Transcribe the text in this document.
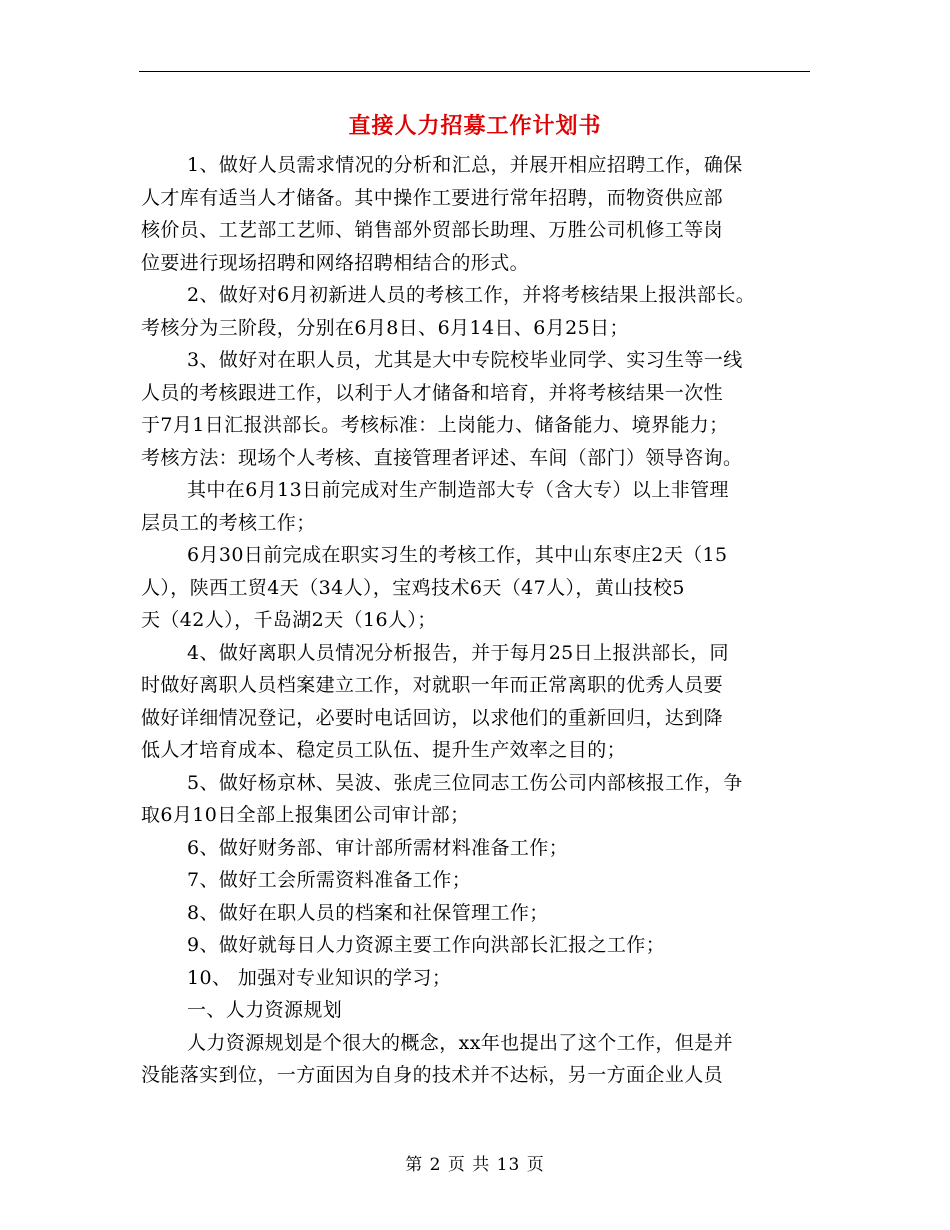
直接人力招募工作计划书
1、做好人员需求情况的分析和汇总，并展开相应招聘工作，确保
人才库有适当人才储备。其中操作工要进行常年招聘，而物资供应部
核价员、工艺部工艺师、销售部外贸部长助理、万胜公司机修工等岗
位要进行现场招聘和网络招聘相结合的形式。
2、做好对6月初新进人员的考核工作，并将考核结果上报洪部长。
考核分为三阶段，分别在6月8日、6月14日、6月25日；
3、做好对在职人员，尤其是大中专院校毕业同学、实习生等一线
人员的考核跟进工作，以利于人才储备和培育，并将考核结果一次性
于7月1日汇报洪部长。考核标准：上岗能力、储备能力、境界能力；
考核方法：现场个人考核、直接管理者评述、车间（部门）领导咨询。
其中在6月13日前完成对生产制造部大专（含大专）以上非管理
层员工的考核工作；
6月30日前完成在职实习生的考核工作，其中山东枣庄2天（15
人），陕西工贸4天（34人），宝鸡技术6天（47人），黄山技校5
天（42人），千岛湖2天（16人）；
4、做好离职人员情况分析报告，并于每月25日上报洪部长，同
时做好离职人员档案建立工作，对就职一年而正常离职的优秀人员要
做好详细情况登记，必要时电话回访，以求他们的重新回归，达到降
低人才培育成本、稳定员工队伍、提升生产效率之目的；
5、做好杨京林、吴波、张虎三位同志工伤公司内部核报工作，争
取6月10日全部上报集团公司审计部；
6、做好财务部、审计部所需材料准备工作；
7、做好工会所需资料准备工作；
8、做好在职人员的档案和社保管理工作；
9、做好就每日人力资源主要工作向洪部长汇报之工作；
10、 加强对专业知识的学习；
一、人力资源规划
人力资源规划是个很大的概念，xx年也提出了这个工作，但是并
没能落实到位，一方面因为自身的技术并不达标，另一方面企业人员
第 2 页 共 13 页
